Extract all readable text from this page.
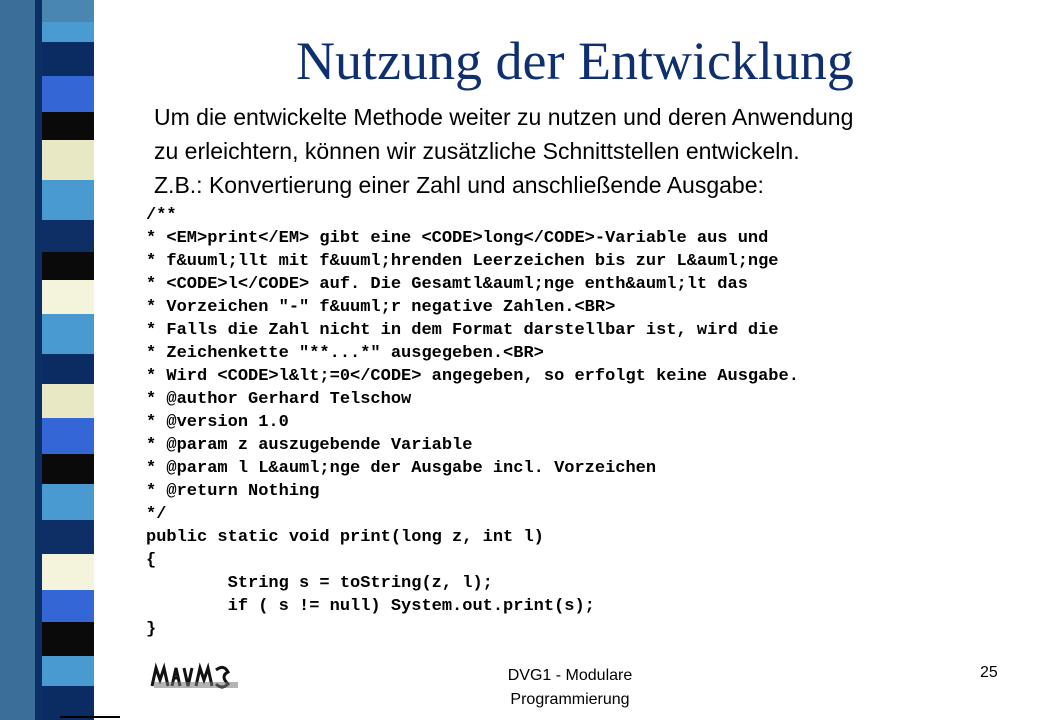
Nutzung der Entwicklung
Um die entwickelte Methode weiter zu nutzen und deren Anwendung
zu erleichtern, können wir zusätzliche Schnittstellen entwickeln.
Z.B.: Konvertierung einer Zahl und anschließende Ausgabe:
/**
* <EM>print</EM> gibt eine <CODE>long</CODE>-Variable aus und
* f&uuml;llt mit f&uuml;hrenden Leerzeichen bis zur L&auml;nge
* <CODE>l</CODE> auf. Die Gesamtl&auml;nge enth&auml;lt das
* Vorzeichen "-" f&uuml;r negative Zahlen.<BR>
* Falls die Zahl nicht in dem Format darstellbar ist, wird die
* Zeichenkette "**...*" ausgegeben.<BR>
* Wird <CODE>l&lt;=0</CODE> angegeben, so erfolgt keine Ausgabe.
* @author Gerhard Telschow
* @version 1.0
* @param z auszugebende Variable
* @param l L&auml;nge der Ausgabe incl. Vorzeichen
* @return Nothing
*/
public static void print(long z, int l)
{
String s = toString(z, l);
if ( s != null) System.out.print(s);
}
DVG1 - Modulare Programmierung
25
